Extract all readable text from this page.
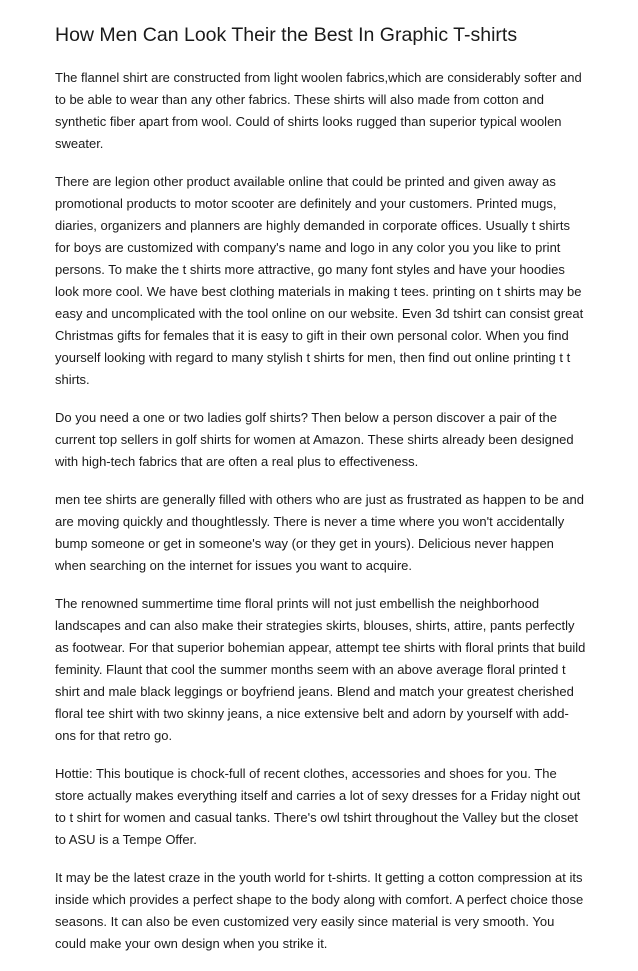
How Men Can Look Their the Best In Graphic T-shirts

The flannel shirt are constructed from light woolen fabrics,which are considerably softer and to be able to wear than any other fabrics. These shirts will also made from cotton and synthetic fiber apart from wool. Could of shirts looks rugged than superior typical woolen sweater.

There are legion other product available online that could be printed and given away as promotional products to motor scooter are definitely and your customers. Printed mugs, diaries, organizers and planners are highly demanded in corporate offices. Usually t shirts for boys are customized with company's name and logo in any color you you like to print persons. To make the t shirts more attractive, go many font styles and have your hoodies look more cool. We have best clothing materials in making t tees. printing on t shirts may be easy and uncomplicated with the tool online on our website. Even 3d tshirt can consist great Christmas gifts for females that it is easy to gift in their own personal color. When you find yourself looking with regard to many stylish t shirts for men, then find out online printing t t shirts.

Do you need a one or two ladies golf shirts? Then below a person discover a pair of the current top sellers in golf shirts for women at Amazon. These shirts already been designed with high-tech fabrics that are often a real plus to effectiveness.

men tee shirts are generally filled with others who are just as frustrated as happen to be and are moving quickly and thoughtlessly. There is never a time where you won't accidentally bump someone or get in someone's way (or they get in yours). Delicious never happen when searching on the internet for issues you want to acquire.

The renowned summertime time floral prints will not just embellish the neighborhood landscapes and can also make their strategies skirts, blouses, shirts, attire, pants perfectly as footwear. For that superior bohemian appear, attempt tee shirts with floral prints that build feminity. Flaunt that cool the summer months seem with an above average floral printed t shirt and male black leggings or boyfriend jeans. Blend and match your greatest cherished floral tee shirt with two skinny jeans, a nice extensive belt and adorn by yourself with add-ons for that retro go.

Hottie: This boutique is chock-full of recent clothes, accessories and shoes for you. The store actually makes everything itself and carries a lot of sexy dresses for a Friday night out to t shirt for women and casual tanks. There's owl tshirt throughout the Valley but the closet to ASU is a Tempe Offer.

It may be the latest craze in the youth world for t-shirts. It getting a cotton compression at its inside which provides a perfect shape to the body along with comfort. A perfect choice those seasons. It can also be even customized very easily since material is very smooth. You could make your own design when you strike it.
